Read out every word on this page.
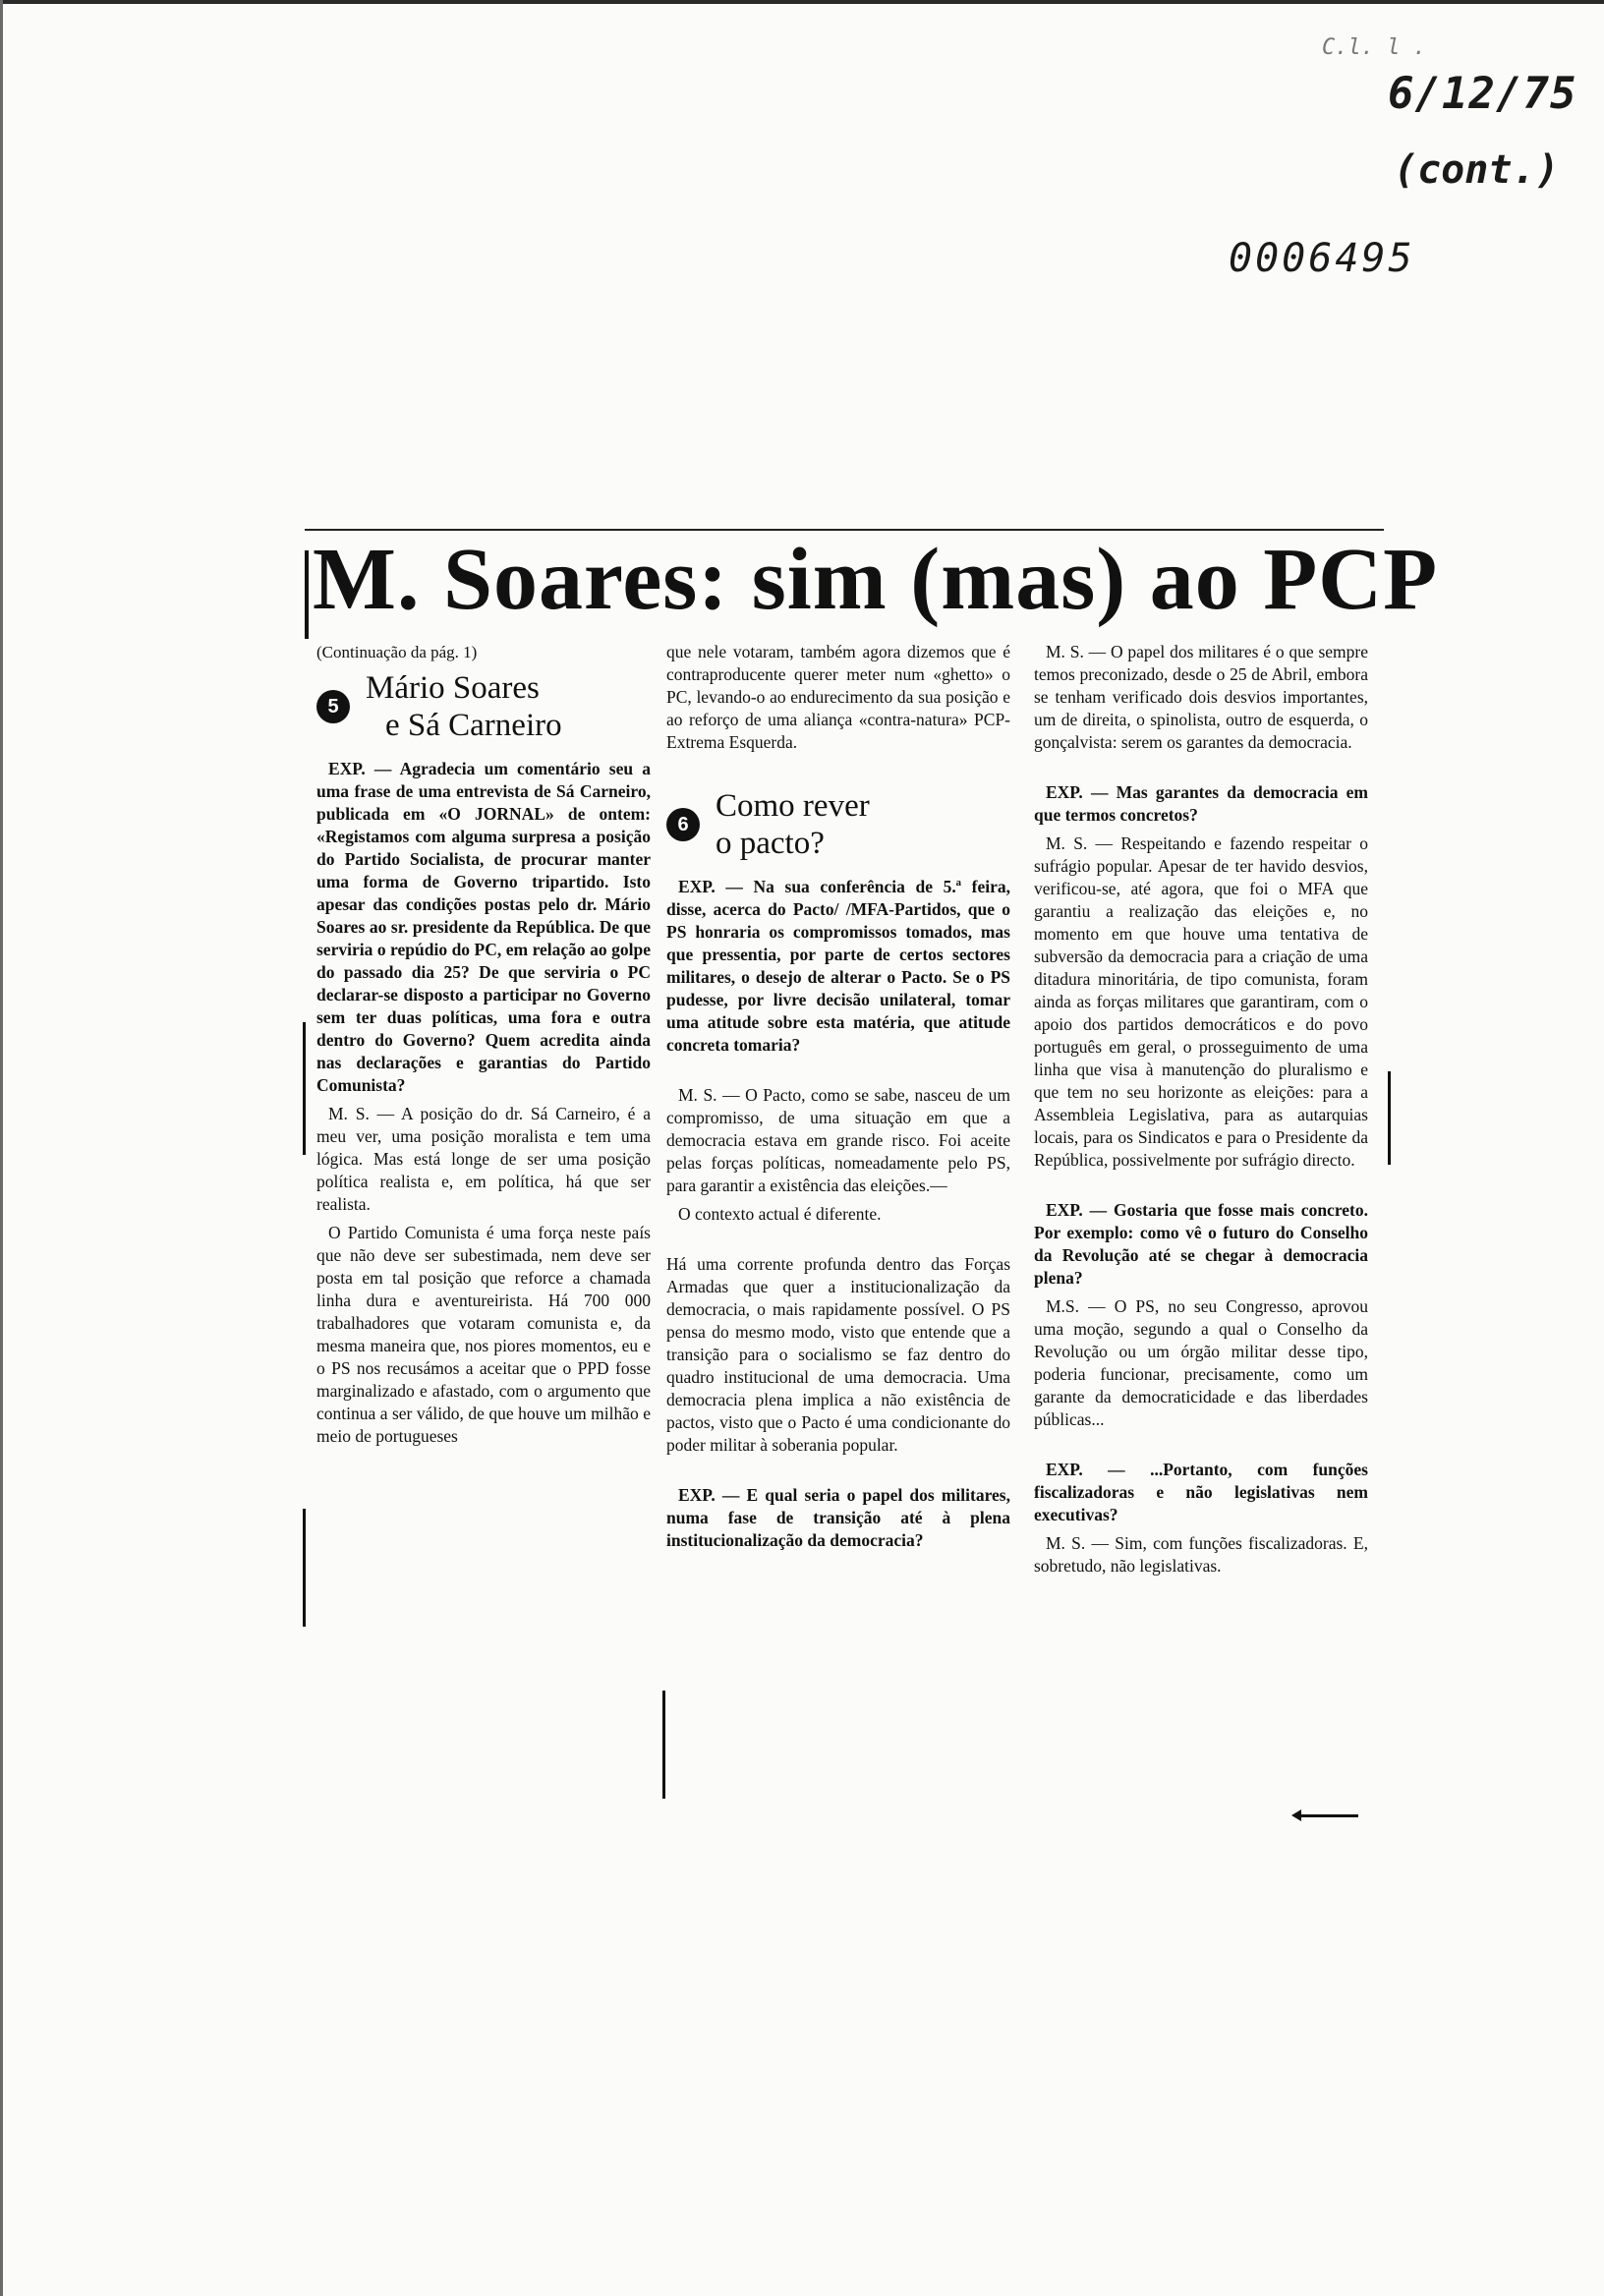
C.l. l .
6/12/75
(cont.)
0006495
M. Soares: sim (mas) ao PCP

(Continuação da pág. 1)

5
Mário Soares
e Sá Carneiro

EXP. — Agradecia um comentário seu a uma frase de uma entrevista de Sá Carneiro, publicada em «O JORNAL» de ontem: «Registamos com alguma surpresa a posição do Partido Socialista, de procurar manter uma forma de Governo tripartido. Isto apesar das condições postas pelo dr. Mário Soares ao sr. presidente da República. De que serviria o repúdio do PC, em relação ao golpe do passado dia 25? De que serviria o PC declarar-se disposto a participar no Governo sem ter duas políticas, uma fora e outra dentro do Governo? Quem acredita ainda nas declarações e garantias do Partido Comunista?

M. S. — A posição do dr. Sá Carneiro, é a meu ver, uma posição moralista e tem uma lógica. Mas está longe de ser uma posição política realista e, em política, há que ser realista.

O Partido Comunista é uma força neste país que não deve ser subestimada, nem deve ser posta em tal posição que reforce a chamada linha dura e aventureirista. Há 700 000 trabalhadores que votaram comunista e, da mesma maneira que, nos piores momentos, eu e o PS nos recusámos a aceitar que o PPD fosse marginalizado e afastado, com o argumento que continua a ser válido, de que houve um milhão e meio de portugueses

que nele votaram, também agora dizemos que é contraproducente querer meter num «ghetto» o PC, levando-o ao endurecimento da sua posição e ao reforço de uma aliança «contra-natura» PCP-Extrema Esquerda.

6
Como rever
o pacto?

EXP. — Na sua conferência de 5.ª feira, disse, acerca do Pacto/ /MFA-Partidos, que o PS honraria os compromissos tomados, mas que pressentia, por parte de certos sectores militares, o desejo de alterar o Pacto. Se o PS pudesse, por livre decisão unilateral, tomar uma atitude sobre esta matéria, que atitude concreta tomaria?

M. S. — O Pacto, como se sabe, nasceu de um compromisso, de uma situação em que a democracia estava em grande risco. Foi aceite pelas forças políticas, nomeadamente pelo PS, para garantir a existência das eleições.—

O contexto actual é diferente.

Há uma corrente profunda dentro das Forças Armadas que quer a institucionalização da democracia, o mais rapidamente possível. O PS pensa do mesmo modo, visto que entende que a transição para o socialismo se faz dentro do quadro institucional de uma democracia. Uma democracia plena implica a não existência de pactos, visto que o Pacto é uma condicionante do poder militar à soberania popular.

EXP. — E qual seria o papel dos militares, numa fase de transição até à plena institucionalização da democracia?

M. S. — O papel dos militares é o que sempre temos preconizado, desde o 25 de Abril, embora se tenham verificado dois desvios importantes, um de direita, o spinolista, outro de esquerda, o gonçalvista: serem os garantes da democracia.

EXP. — Mas garantes da democracia em que termos concretos?

M. S. — Respeitando e fazendo respeitar o sufrágio popular. Apesar de ter havido desvios, verificou-se, até agora, que foi o MFA que garantiu a realização das eleições e, no momento em que houve uma tentativa de subversão da democracia para a criação de uma ditadura minoritária, de tipo comunista, foram ainda as forças militares que garantiram, com o apoio dos partidos democráticos e do povo português em geral, o prosseguimento de uma linha que visa à manutenção do pluralismo e que tem no seu horizonte as eleições: para a Assembleia Legislativa, para as autarquias locais, para os Sindicatos e para o Presidente da República, possivelmente por sufrágio directo.

EXP. — Gostaria que fosse mais concreto. Por exemplo: como vê o futuro do Conselho da Revolução até se chegar à democracia plena?

M.S. — O PS, no seu Congresso, aprovou uma moção, segundo a qual o Conselho da Revolução ou um órgão militar desse tipo, poderia funcionar, precisamente, como um garante da democraticidade e das liberdades públicas...

EXP. — ...Portanto, com funções fiscalizadoras e não legislativas nem executivas?

M. S. — Sim, com funções fiscalizadoras. E, sobretudo, não legislativas.
